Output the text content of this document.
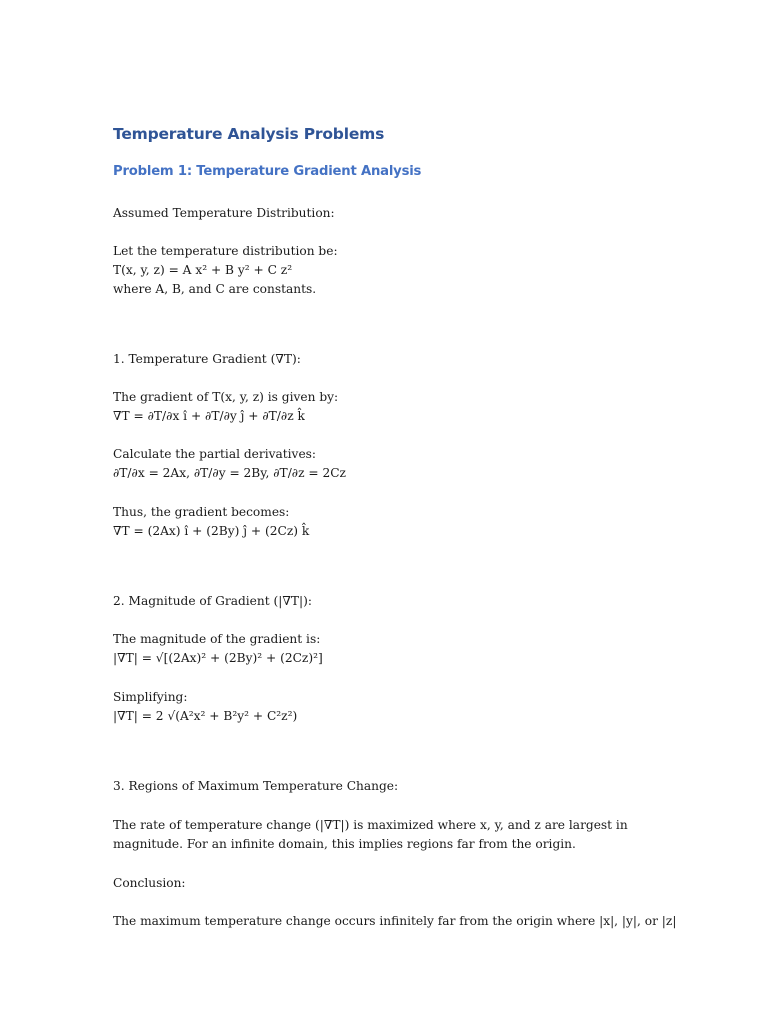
Temperature Analysis Problems
Problem 1: Temperature Gradient Analysis
Assumed Temperature Distribution:
Let the temperature distribution be:
T(x, y, z) = A x² + B y² + C z²
where A, B, and C are constants.
1. Temperature Gradient (∇T):
The gradient of T(x, y, z) is given by:
∇T = ∂T/∂x î + ∂T/∂y ĵ + ∂T/∂z k̂
Calculate the partial derivatives:
∂T/∂x = 2Ax, ∂T/∂y = 2By, ∂T/∂z = 2Cz
Thus, the gradient becomes:
∇T = (2Ax) î + (2By) ĵ + (2Cz) k̂
2. Magnitude of Gradient (|∇T|):
The magnitude of the gradient is:
|∇T| = √[(2Ax)² + (2By)² + (2Cz)²]
Simplifying:
|∇T| = 2 √(A²x² + B²y² + C²z²)
3. Regions of Maximum Temperature Change:
The rate of temperature change (|∇T|) is maximized where x, y, and z are largest in
magnitude. For an infinite domain, this implies regions far from the origin.
Conclusion:
The maximum temperature change occurs infinitely far from the origin where |x|, |y|, or |z|
